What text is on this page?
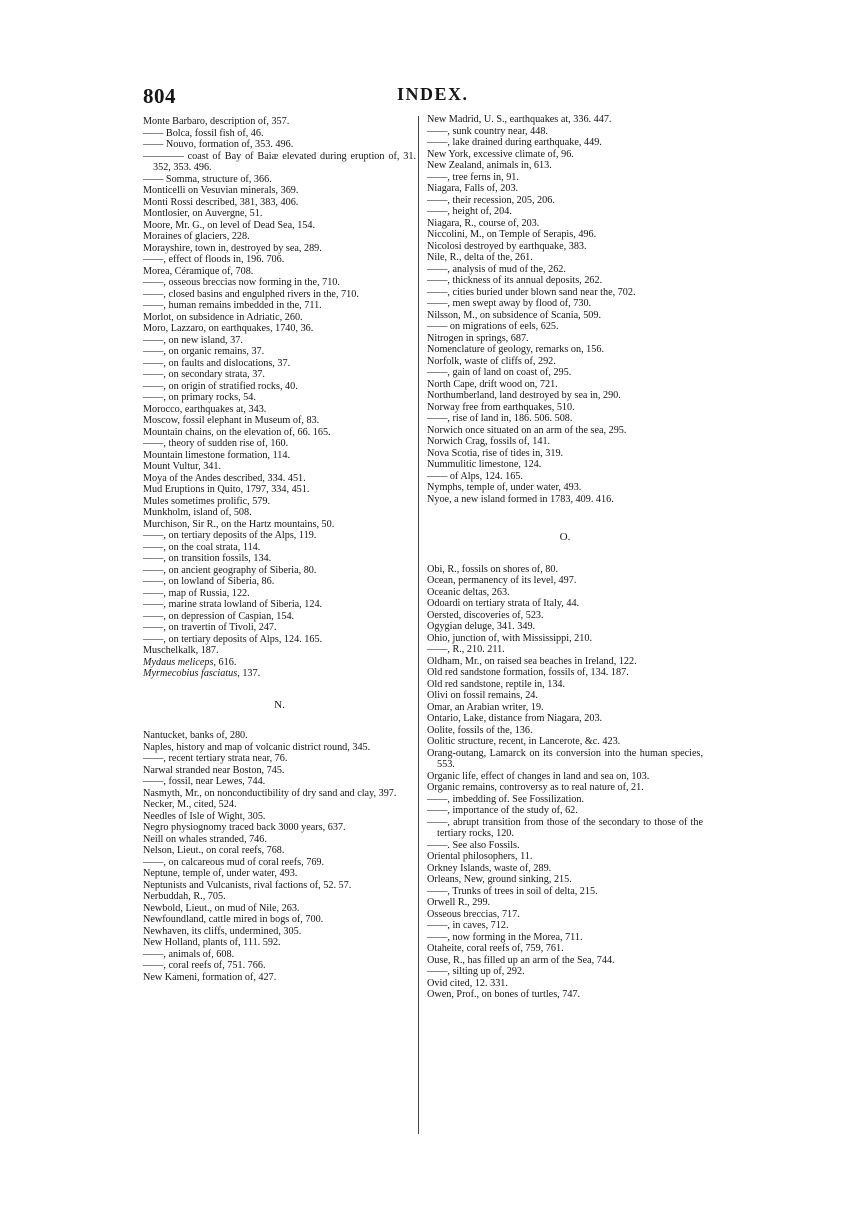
804	INDEX.
Monte Barbaro, description of, 357.
—— Bolca, fossil fish of, 46.
—— Nouvo, formation of, 353. 496.
———— coast of Bay of Baiæ elevated during eruption of, 31. 352, 353. 496.
—— Somma, structure of, 366.
Monticelli on Vesuvian minerals, 369.
Monti Rossi described, 381, 383, 406.
Montlosier, on Auvergne, 51.
Moore, Mr. G., on level of Dead Sea, 154.
Moraines of glaciers, 228.
Morayshire, town in, destroyed by sea, 289.
——, effect of floods in, 196. 706.
Morea, Céramique of, 708.
——, osseous breccias now forming in the, 710.
——, closed basins and engulphed rivers in the, 710.
——, human remains imbedded in the, 711.
Morlot, on subsidence in Adriatic, 260.
Moro, Lazzaro, on earthquakes, 1740, 36.
——, on new island, 37.
——, on organic remains, 37.
——, on faults and dislocations, 37.
——, on secondary strata, 37.
——, on origin of stratified rocks, 40.
——, on primary rocks, 54.
Morocco, earthquakes at, 343.
Moscow, fossil elephant in Museum of, 83.
Mountain chains, on the elevation of, 66. 165.
——, theory of sudden rise of, 160.
Mountain limestone formation, 114.
Mount Vultur, 341.
Moya of the Andes described, 334. 451.
Mud Eruptions in Quito, 1797, 334, 451.
Mules sometimes prolific, 579.
Munkholm, island of, 508.
Murchison, Sir R., on the Hartz mountains, 50.
——, on tertiary deposits of the Alps, 119.
——, on the coal strata, 114.
——, on transition fossils, 134.
——, on ancient geography of Siberia, 80.
——, on lowland of Siberia, 86.
——, map of Russia, 122.
——, marine strata lowland of Siberia, 124.
——, on depression of Caspian, 154.
——, on travertin of Tivoli, 247.
——, on tertiary deposits of Alps, 124. 165.
Muschelkalk, 187.
Mydaus meliceps, 616.
Myrmecobius fasciatus, 137.
N.
Nantucket, banks of, 280.
Naples, history and map of volcanic district round, 345.
——, recent tertiary strata near, 76.
Narwal stranded near Boston, 745.
——, fossil, near Lewes, 744.
Nasmyth, Mr., on nonconductibility of dry sand and clay, 397.
Necker, M., cited, 524.
Needles of Isle of Wight, 305.
Negro physiognomy traced back 3000 years, 637.
Neill on whales stranded, 746.
Nelson, Lieut., on coral reefs, 768.
——, on calcareous mud of coral reefs, 769.
Neptune, temple of, under water, 493.
Neptunists and Vulcanists, rival factions of, 52. 57.
Nerbuddah, R., 705.
Newbold, Lieut., on mud of Nile, 263.
Newfoundland, cattle mired in bogs of, 700.
Newhaven, its cliffs, undermined, 305.
New Holland, plants of, 111. 592.
——, animals of, 608.
——, coral reefs of, 751. 766.
New Kameni, formation of, 427.
New Madrid, U. S., earthquakes at, 336. 447.
——, sunk country near, 448.
——, lake drained during earthquake, 449.
New York, excessive climate of, 96.
New Zealand, animals in, 613.
——, tree ferns in, 91.
Niagara, Falls of, 203.
——, their recession, 205, 206.
——, height of, 204.
Niagara, R., course of, 203.
Niccolini, M., on Temple of Serapis, 496.
Nicolosi destroyed by earthquake, 383.
Nile, R., delta of the, 261.
——, analysis of mud of the, 262.
——, thickness of its annual deposits, 262.
——, cities buried under blown sand near the, 702.
——, men swept away by flood of, 730.
Nilsson, M., on subsidence of Scania, 509.
—— on migrations of eels, 625.
Nitrogen in springs, 687.
Nomenclature of geology, remarks on, 156.
Norfolk, waste of cliffs of, 292.
——, gain of land on coast of, 295.
North Cape, drift wood on, 721.
Northumberland, land destroyed by sea in, 290.
Norway free from earthquakes, 510.
——, rise of land in, 186. 506. 508.
Norwich once situated on an arm of the sea, 295.
Norwich Crag, fossils of, 141.
Nova Scotia, rise of tides in, 319.
Nummulitic limestone, 124.
—— of Alps, 124. 165.
Nymphs, temple of, under water, 493.
Nyoe, a new island formed in 1783, 409. 416.
O.
Obi, R., fossils on shores of, 80.
Ocean, permanency of its level, 497.
Oceanic deltas, 263.
Odoardi on tertiary strata of Italy, 44.
Oersted, discoveries of, 523.
Ogygian deluge, 341. 349.
Ohio, junction of, with Mississippi, 210.
——, R., 210. 211.
Oldham, Mr., on raised sea beaches in Ireland, 122.
Old red sandstone formation, fossils of, 134. 187.
Old red sandstone, reptile in, 134.
Olivi on fossil remains, 24.
Omar, an Arabian writer, 19.
Ontario, Lake, distance from Niagara, 203.
Oolite, fossils of the, 136.
Oolitic structure, recent, in Lancerote, &c. 423.
Orang-outang, Lamarck on its conversion into the human species, 553.
Organic life, effect of changes in land and sea on, 103.
Organic remains, controversy as to real nature of, 21.
——, imbedding of. See Fossilization.
——, importance of the study of, 62.
——, abrupt transition from those of the secondary to those of the tertiary rocks, 120.
——. See also Fossils.
Oriental philosophers, 11.
Orkney Islands, waste of, 289.
Orleans, New, ground sinking, 215.
——, Trunks of trees in soil of delta, 215.
Orwell R., 299.
Osseous breccias, 717.
——, in caves, 712.
——, now forming in the Morea, 711.
Otaheite, coral reefs of, 759, 761.
Ouse, R., has filled up an arm of the Sea, 744.
——, silting up of, 292.
Ovid cited, 12. 331.
Owen, Prof., on bones of turtles, 747.
